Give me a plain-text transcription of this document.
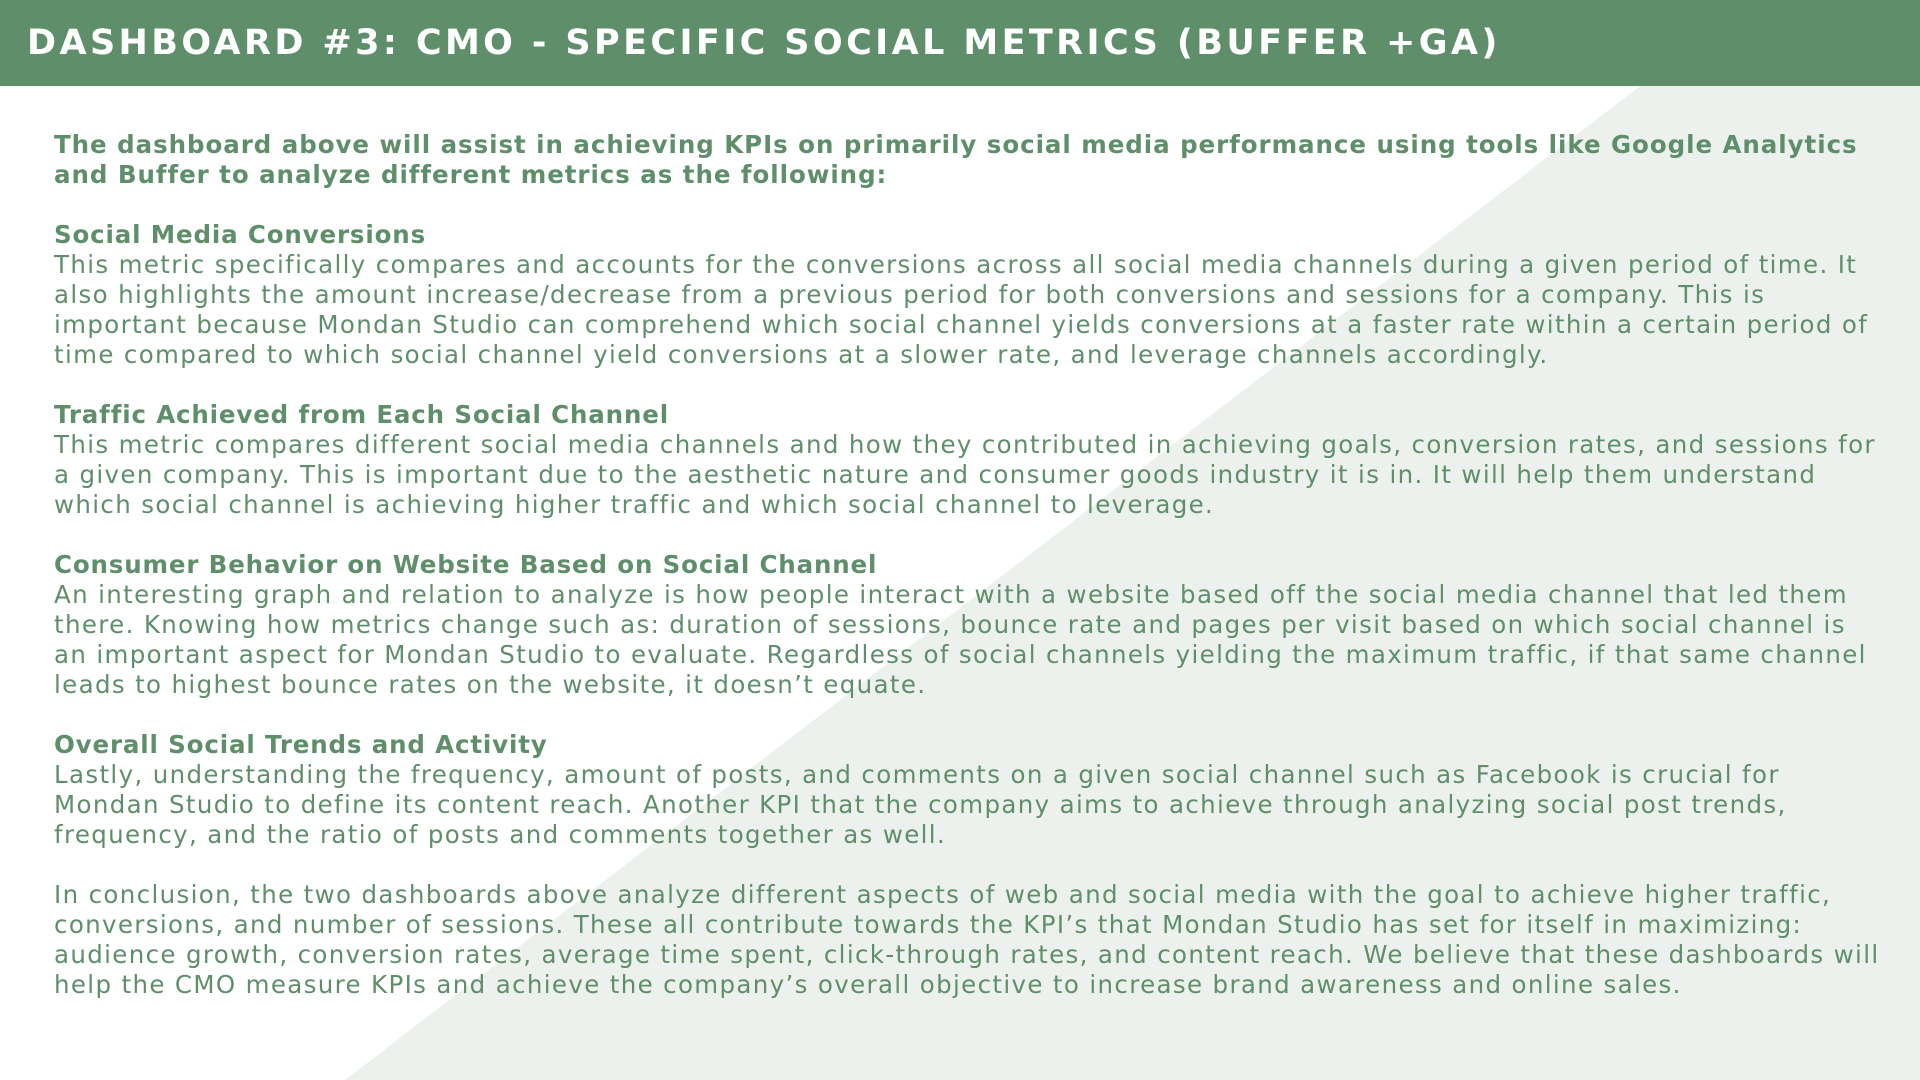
DASHBOARD #3: CMO - SPECIFIC SOCIAL METRICS (BUFFER +GA)

The dashboard above will assist in achieving KPIs on primarily social media performance using tools like Google Analytics and Buffer to analyze different metrics as the following:

Social Media Conversions

This metric specifically compares and accounts for the conversions across all social media channels during a given period of time. It also highlights the amount increase/decrease from a previous period for both conversions and sessions for a company. This is important because Mondan Studio can comprehend which social channel yields conversions at a faster rate within a certain period of time compared to which social channel yield conversions at a slower rate, and leverage channels accordingly.

Traffic Achieved from Each Social Channel

This metric compares different social media channels and how they contributed in achieving goals, conversion rates, and sessions for a given company. This is important due to the aesthetic nature and consumer goods industry it is in. It will help them understand which social channel is achieving higher traffic and which social channel to leverage.

Consumer Behavior on Website Based on Social Channel

An interesting graph and relation to analyze is how people interact with a website based off the social media channel that led them there. Knowing how metrics change such as: duration of sessions, bounce rate and pages per visit based on which social channel is an important aspect for Mondan Studio to evaluate. Regardless of social channels yielding the maximum traffic, if that same channel leads to highest bounce rates on the website, it doesn’t equate.

Overall Social Trends and Activity

Lastly, understanding the frequency, amount of posts, and comments on a given social channel such as Facebook is crucial for Mondan Studio to define its content reach. Another KPI that the company aims to achieve through analyzing social post trends, frequency, and the ratio of posts and comments together as well.

In conclusion, the two dashboards above analyze different aspects of web and social media with the goal to achieve higher traffic, conversions, and number of sessions. These all contribute towards the KPI’s that Mondan Studio has set for itself in maximizing: audience growth, conversion rates, average time spent, click-through rates, and content reach. We believe that these dashboards will help the CMO measure KPIs and achieve the company’s overall objective to increase brand awareness and online sales.
